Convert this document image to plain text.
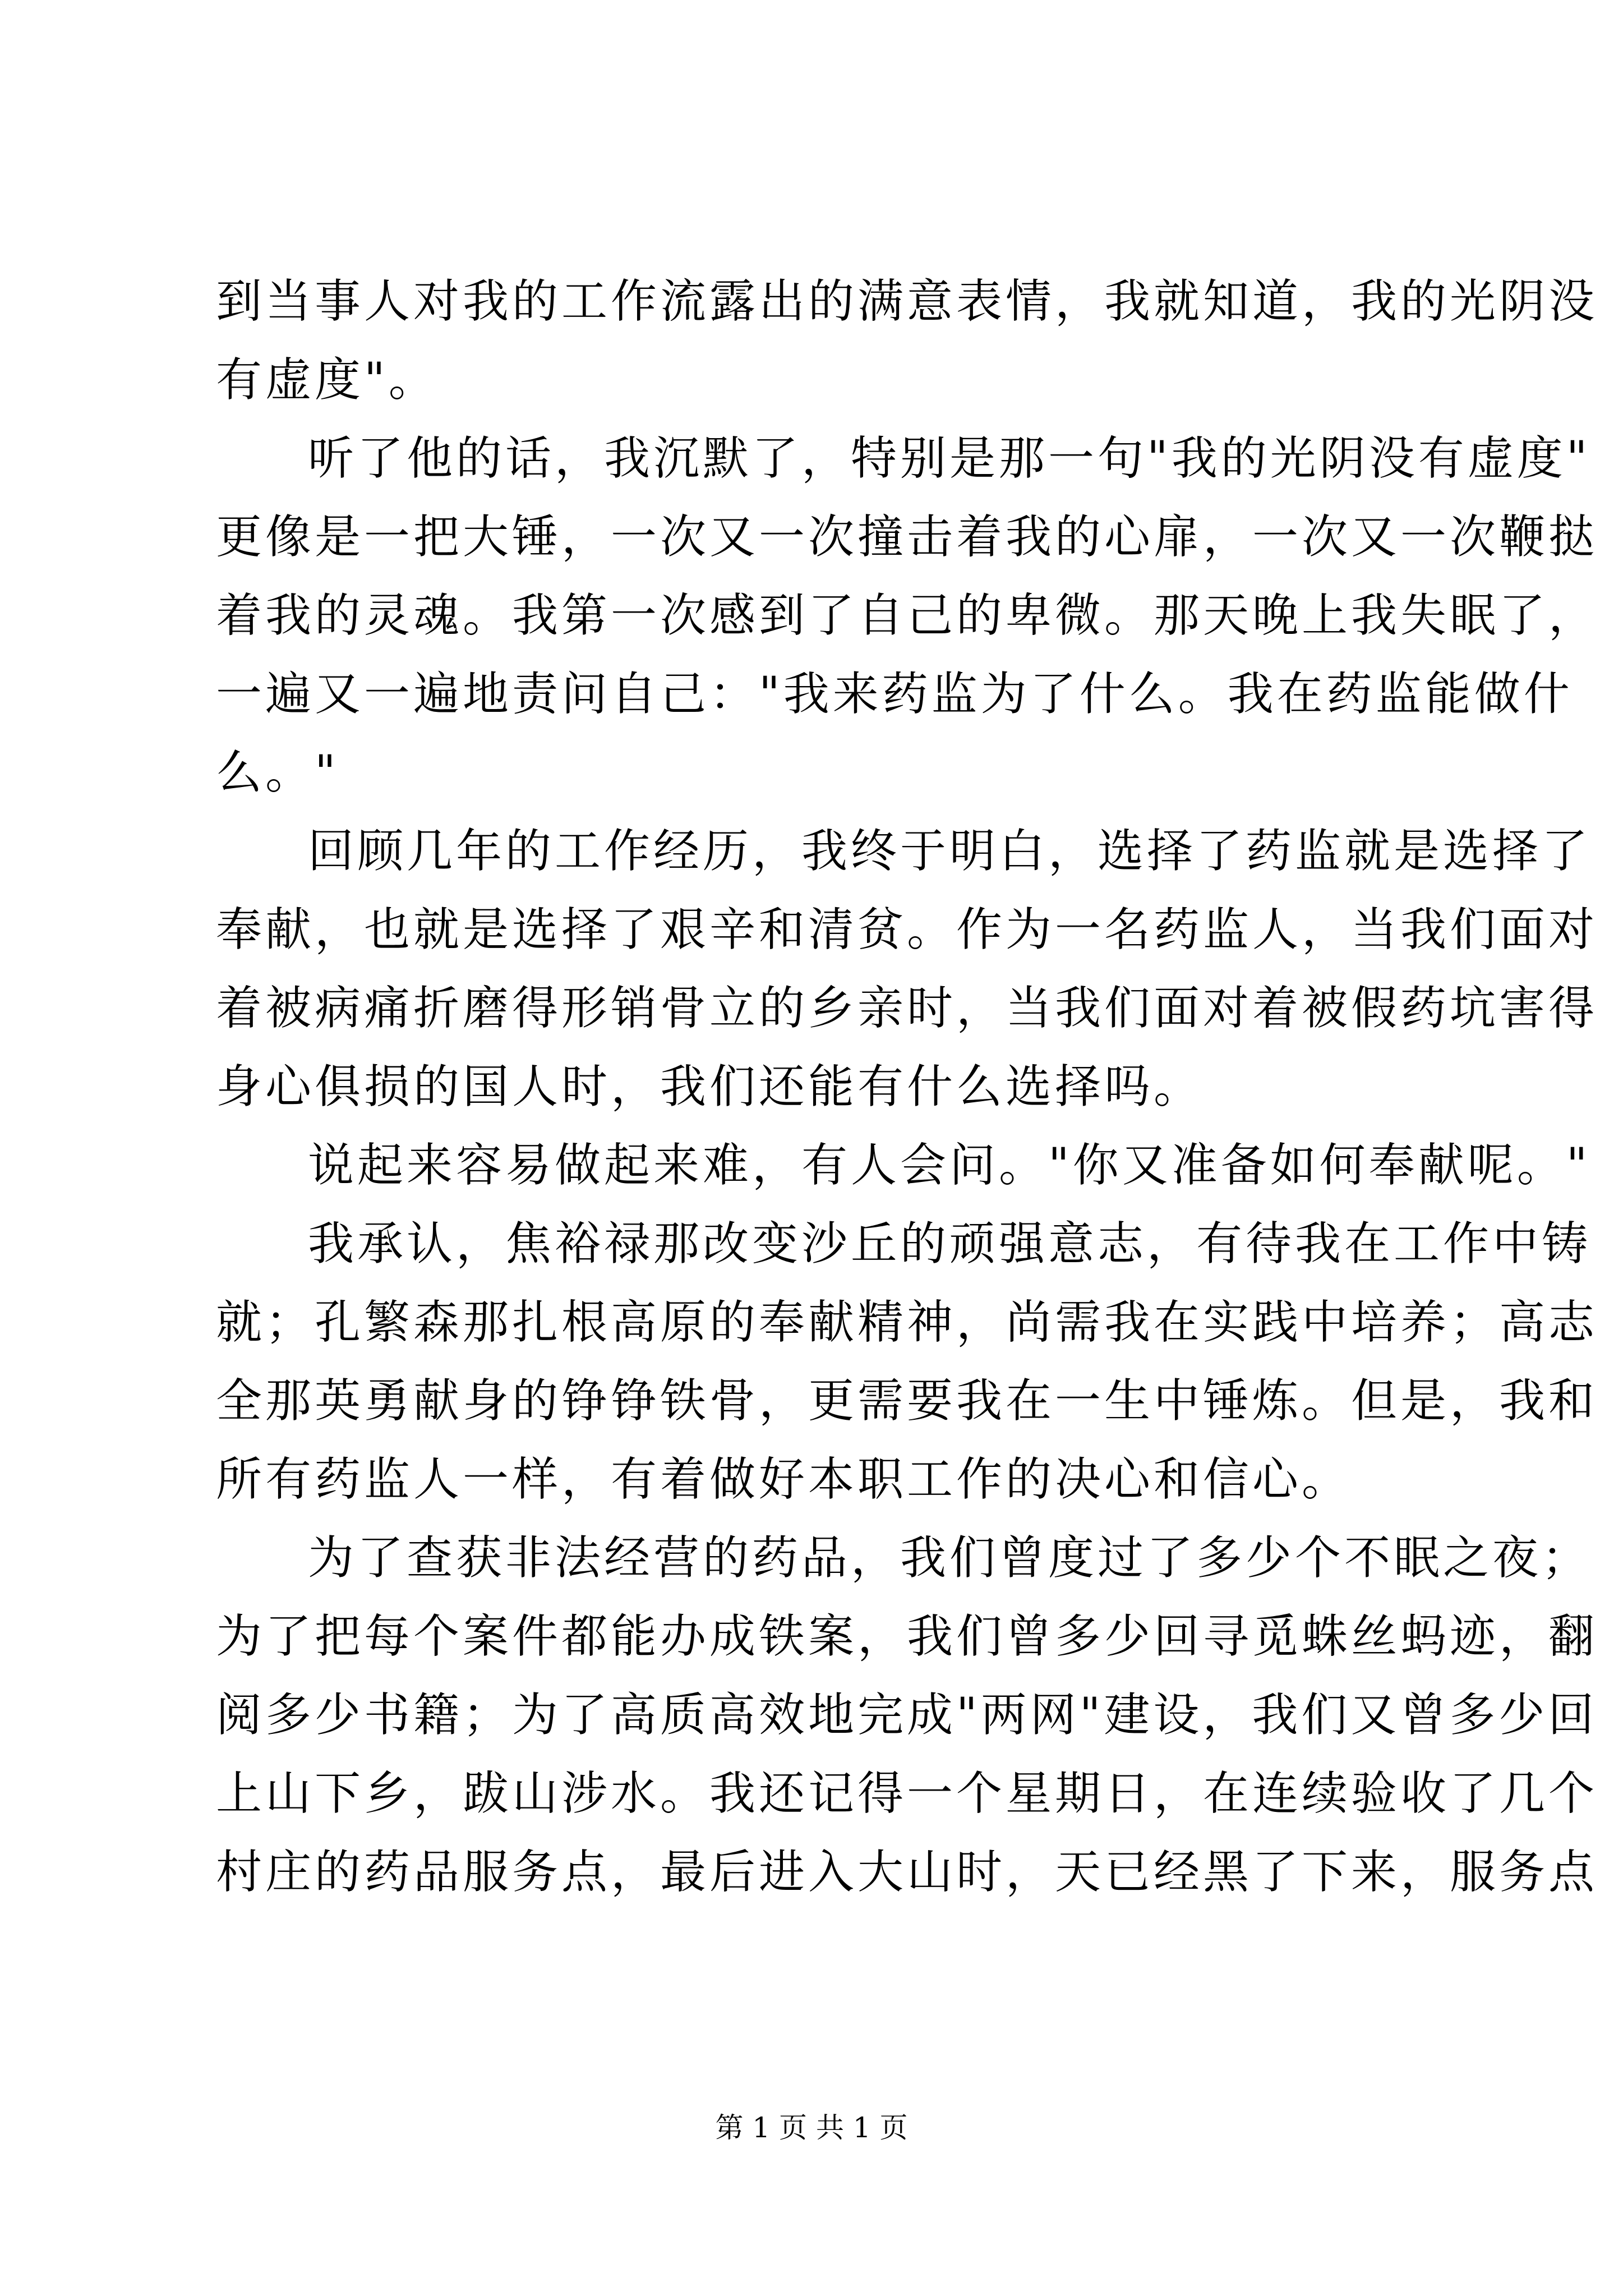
到当事人对我的工作流露出的满意表情，我就知道，我的光阴没
有虚度"。
听了他的话，我沉默了，特别是那一句"我的光阴没有虚度"
更像是一把大锤，一次又一次撞击着我的心扉，一次又一次鞭挞
着我的灵魂。我第一次感到了自己的卑微。那天晚上我失眠了，
一遍又一遍地责问自己："我来药监为了什么。我在药监能做什
么。"
回顾几年的工作经历，我终于明白，选择了药监就是选择了
奉献，也就是选择了艰辛和清贫。作为一名药监人，当我们面对
着被病痛折磨得形销骨立的乡亲时，当我们面对着被假药坑害得
身心俱损的国人时，我们还能有什么选择吗。
说起来容易做起来难，有人会问。"你又准备如何奉献呢。"
我承认，焦裕禄那改变沙丘的顽强意志，有待我在工作中铸
就；孔繁森那扎根高原的奉献精神，尚需我在实践中培养；高志
全那英勇献身的铮铮铁骨，更需要我在一生中锤炼。但是，我和
所有药监人一样，有着做好本职工作的决心和信心。
为了查获非法经营的药品，我们曾度过了多少个不眠之夜；
为了把每个案件都能办成铁案，我们曾多少回寻觅蛛丝蚂迹，翻
阅多少书籍；为了高质高效地完成"两网"建设，我们又曾多少回
上山下乡，跋山涉水。我还记得一个星期日，在连续验收了几个
村庄的药品服务点，最后进入大山时，天已经黑了下来，服务点
第 1 页 共 1 页
